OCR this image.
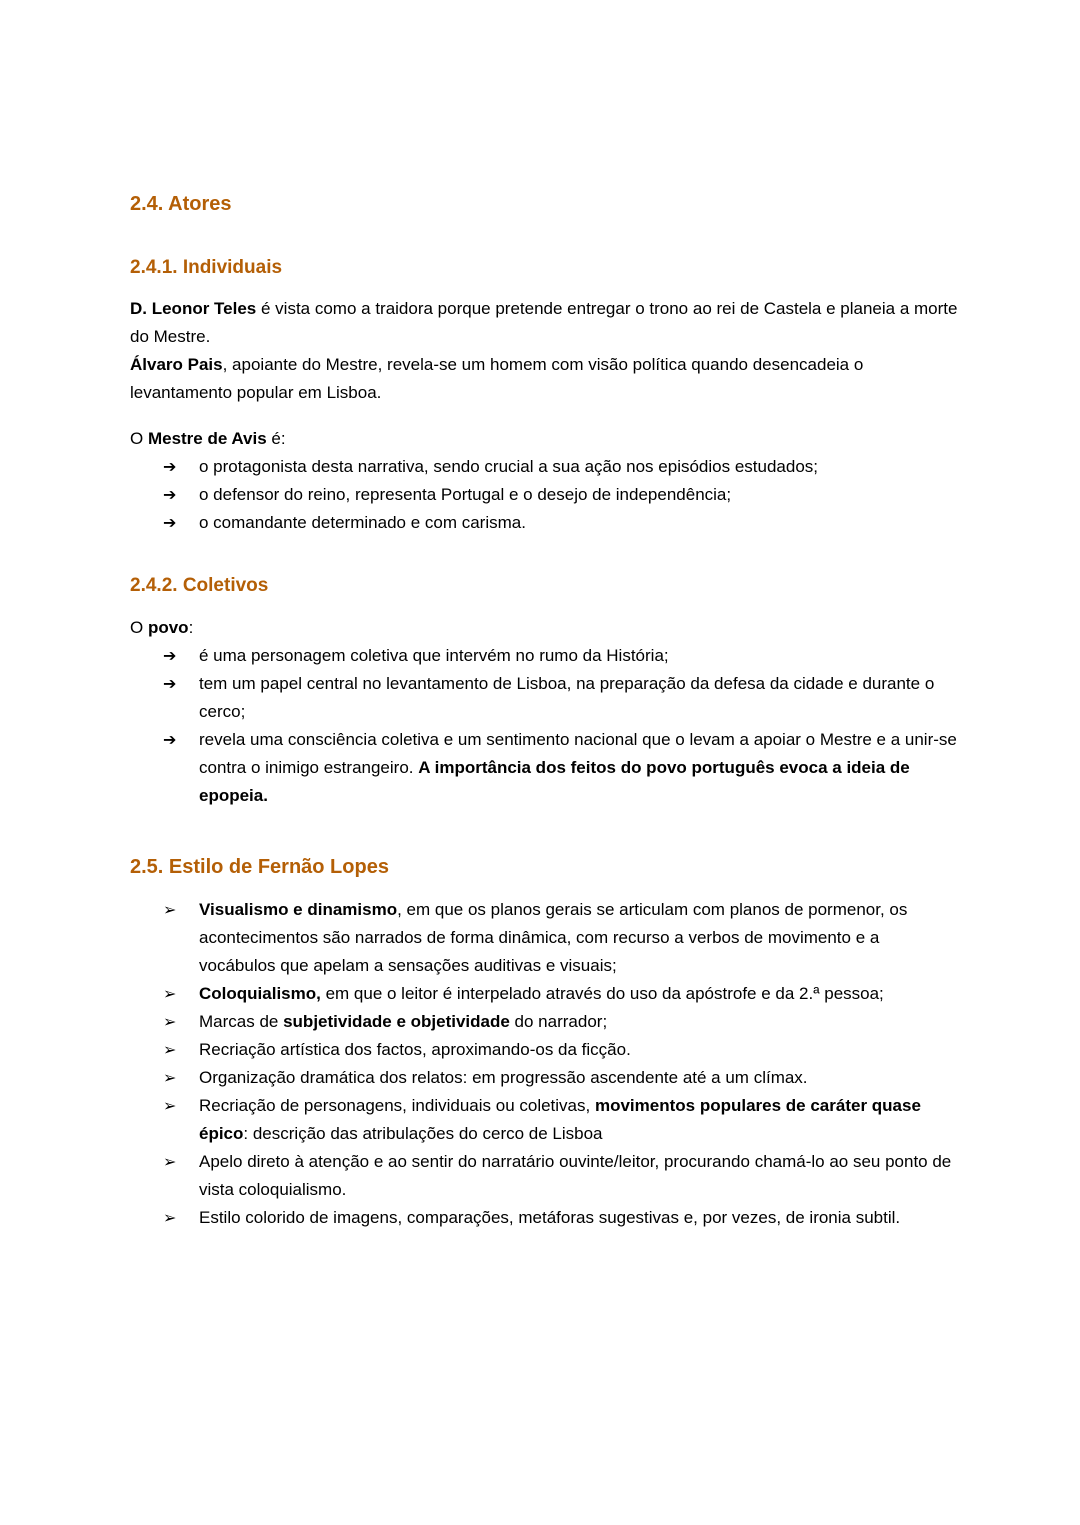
2.4. Atores
2.4.1. Individuais

D. Leonor Teles é vista como a traidora porque pretende entregar o trono ao rei de Castela e planeia a morte do Mestre.
Álvaro Pais, apoiante do Mestre, revela-se um homem com visão política quando desencadeia o levantamento popular em Lisboa.

O Mestre de Avis é:

➔	o protagonista desta narrativa, sendo crucial a sua ação nos episódios estudados;
➔	o defensor do reino, representa Portugal e o desejo de independência;
➔	o comandante determinado e com carisma.
2.4.2. Coletivos

O povo:

➔	é uma personagem coletiva que intervém no rumo da História;
➔	tem um papel central no levantamento de Lisboa, na preparação da defesa da cidade e durante o cerco;
➔	revela uma consciência coletiva e um sentimento nacional que o levam a apoiar o Mestre e a unir-se contra o inimigo estrangeiro. A importância dos feitos do povo português evoca a ideia de epopeia.
2.5. Estilo de Fernão Lopes
➢	Visualismo e dinamismo, em que os planos gerais se articulam com planos de pormenor, os acontecimentos são narrados de forma dinâmica, com recurso a verbos de movimento e a vocábulos que apelam a sensações auditivas e visuais;
➢	Coloquialismo, em que o leitor é interpelado através do uso da apóstrofe e da 2.ª pessoa;
➢	Marcas de subjetividade e objetividade do narrador;
➢	Recriação artística dos factos, aproximando-os da ficção.
➢	Organização dramática dos relatos: em progressão ascendente até a um clímax.
➢	Recriação de personagens, individuais ou coletivas, movimentos populares de caráter quase épico: descrição das atribulações do cerco de Lisboa
➢	Apelo direto à atenção e ao sentir do narratário ouvinte/leitor, procurando chamá-lo ao seu ponto de vista coloquialismo.
➢	Estilo colorido de imagens, comparações, metáforas sugestivas e, por vezes, de ironia subtil.
